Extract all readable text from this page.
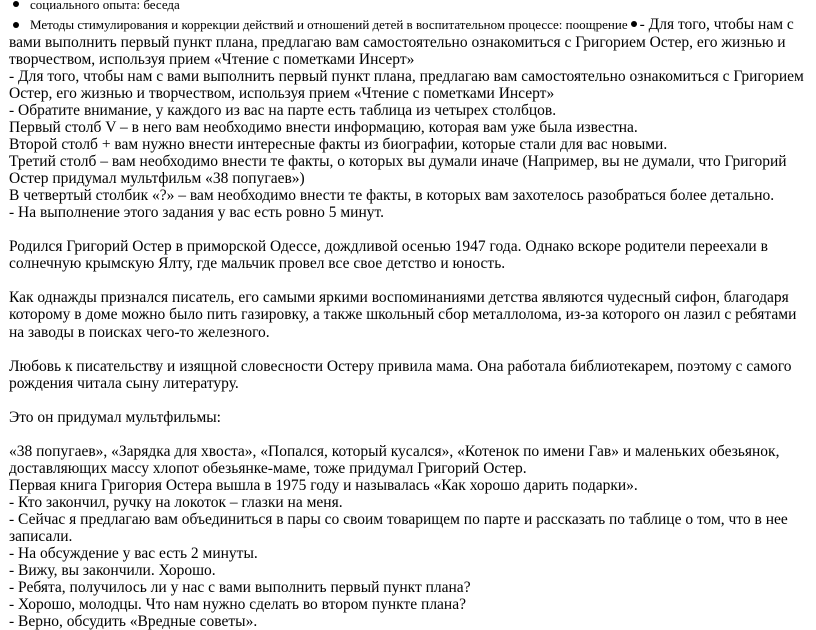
социального опыта: беседа
Методы стимулирования и коррекции действий и отношений детей в воспитательном процессе: поощрение - Для того, чтобы нам с
вами выполнить первый пункт плана, предлагаю вам самостоятельно ознакомиться с Григорием Остер, его жизнью и
творчеством, используя прием «Чтение с пометками Инсерт»
- Для того, чтобы нам с вами выполнить первый пункт плана, предлагаю вам самостоятельно ознакомиться с Григорием
Остер, его жизнью и творчеством, используя прием «Чтение с пометками Инсерт»
- Обратите внимание, у каждого из вас на парте есть таблица из четырех столбцов.
Первый столб V – в него вам необходимо внести информацию, которая вам уже была известна.
Второй столб + вам нужно внести интересные факты из биографии, которые стали для вас новыми.
Третий столб – вам необходимо внести те факты, о которых вы думали иначе (Например, вы не думали, что Григорий
Остер придумал мультфильм «38 попугаев»)
В четвертый столбик «?» – вам необходимо внести те факты, в которых вам захотелось разобраться более детально.
- На выполнение этого задания у вас есть ровно 5 минут.
Родился Григорий Остер в приморской Одессе, дождливой осенью 1947 года. Однако вскоре родители переехали в
солнечную крымскую Ялту, где мальчик провел все свое детство и юность.
Как однажды признался писатель, его самыми яркими воспоминаниями детства являются чудесный сифон, благодаря
которому в доме можно было пить газировку, а также школьный сбор металлолома, из-за которого он лазил с ребятами
на заводы в поисках чего-то железного.
Любовь к писательству и изящной словесности Остеру привила мама. Она работала библиотекарем, поэтому с самого
рождения читала сыну литературу.
Это он придумал мультфильмы:
«38 попугаев», «Зарядка для хвоста», «Попался, который кусался», «Котенок по имени Гав» и маленьких обезьянок,
доставляющих массу хлопот обезьянке-маме, тоже придумал Григорий Остер.
Первая книга Григория Остера вышла в 1975 году и называлась «Как хорошо дарить подарки».
- Кто закончил, ручку на локоток – глазки на меня.
- Сейчас я предлагаю вам объединиться в пары со своим товарищем по парте и рассказать по таблице о том, что в нее
записали.
- На обсуждение у вас есть 2 минуты.
- Вижу, вы закончили. Хорошо.
- Ребята, получилось ли у нас с вами выполнить первый пункт плана?
- Хорошо, молодцы. Что нам нужно сделать во втором пункте плана?
- Верно, обсудить «Вредные советы».
